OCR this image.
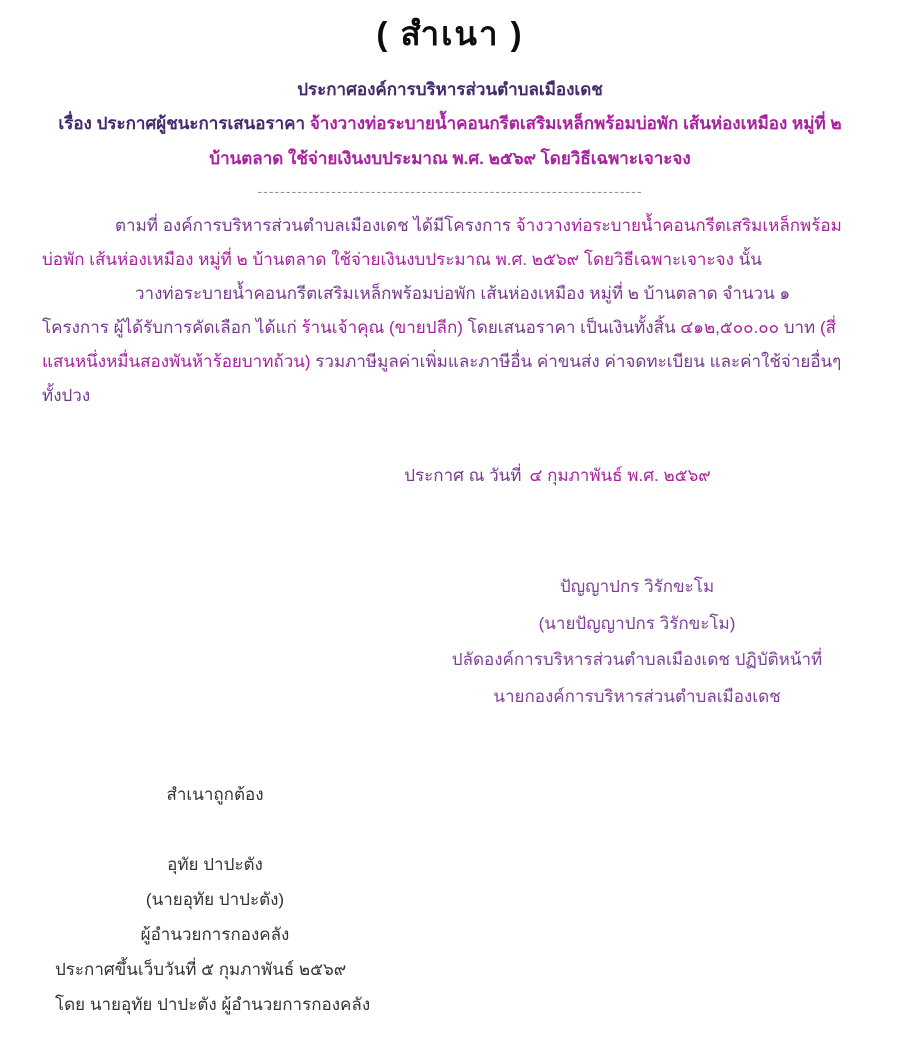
( สำเนา )
ประกาศองค์การบริหารส่วนตำบลเมืองเดช
เรื่อง ประกาศผู้ชนะการเสนอราคา จ้างวางท่อระบายน้ำคอนกรีตเสริมเหล็กพร้อมบ่อพัก เส้นห่องเหมือง หมู่ที่ ๒ บ้านตลาด ใช้จ่ายเงินงบประมาณ พ.ศ. ๒๕๖๙ โดยวิธีเฉพาะเจาะจง
--------------------------------------------------------------------
ตามที่ องค์การบริหารส่วนตำบลเมืองเดช ได้มีโครงการ จ้างวางท่อระบายน้ำคอนกรีตเสริมเหล็กพร้อมบ่อพัก เส้นห่องเหมือง หมู่ที่ ๒ บ้านตลาด ใช้จ่ายเงินงบประมาณ พ.ศ. ๒๕๖๙ โดยวิธีเฉพาะเจาะจง นั้น
วางท่อระบายน้ำคอนกรีตเสริมเหล็กพร้อมบ่อพัก เส้นห่องเหมือง หมู่ที่ ๒ บ้านตลาด จำนวน ๑ โครงการ ผู้ได้รับการคัดเลือก ได้แก่ ร้านเจ้าคุณ (ขายปลีก) โดยเสนอราคา เป็นเงินทั้งสิ้น ๔๑๒,๕๐๐.๐๐ บาท (สี่แสนหนึ่งหมื่นสองพันห้าร้อยบาทถ้วน) รวมภาษีมูลค่าเพิ่มและภาษีอื่น ค่าขนส่ง ค่าจดทะเบียน และค่าใช้จ่ายอื่นๆ ทั้งปวง
ประกาศ ณ วันที่ ๔ กุมภาพันธ์ พ.ศ. ๒๕๖๙
ปัญญาปกร วิรักขะโม
(นายปัญญาปกร วิรักขะโม)
ปลัดองค์การบริหารส่วนตำบลเมืองเดช ปฏิบัติหน้าที่
นายกองค์การบริหารส่วนตำบลเมืองเดช
สำเนาถูกต้อง
อุทัย ปาปะตัง
(นายอุทัย ปาปะตัง)
ผู้อำนวยการกองคลัง
ประกาศขึ้นเว็บวันที่ ๕ กุมภาพันธ์ ๒๕๖๙
โดย นายอุทัย ปาปะตัง ผู้อำนวยการกองคลัง
